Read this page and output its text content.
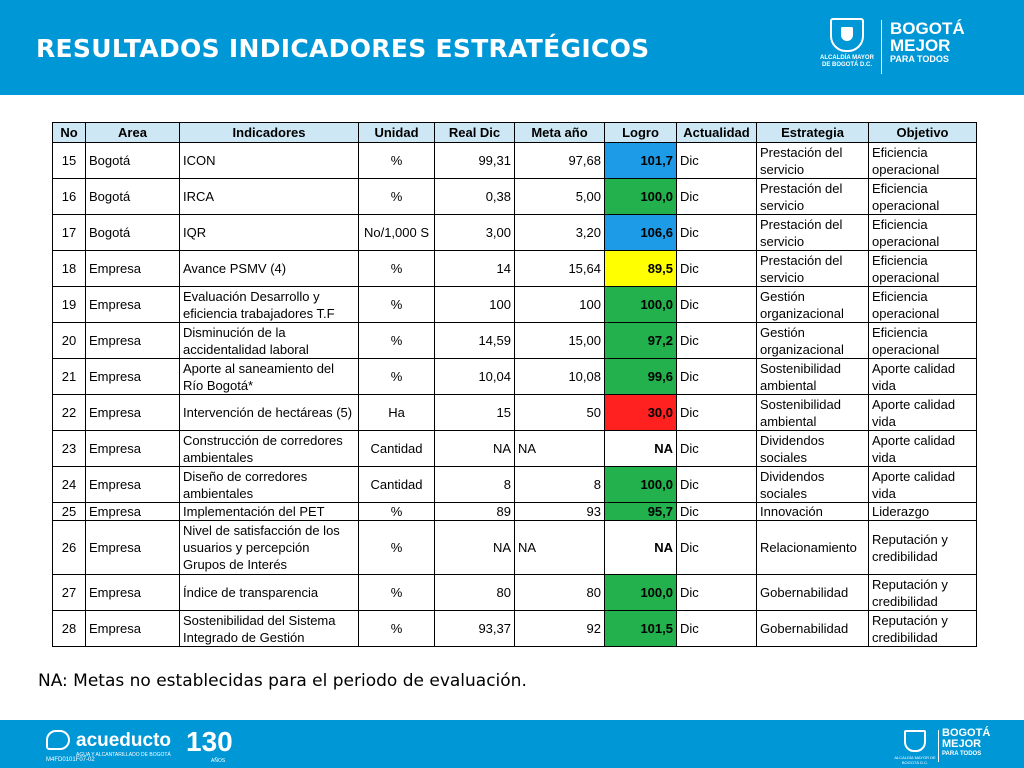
RESULTADOS INDICADORES ESTRATÉGICOS	ALCALDÍA MAYOR
DE BOGOTÁ D.C.
BOGOTÁ
MEJOR
PARA TODOS
No	Area	Indicadores	Unidad	Real Dic	Meta año	Logro	Actualidad	Estrategia	Objetivo
15	Bogotá	ICON	%	99,31	97,68	101,7	Dic	Prestación del servicio	Eficiencia operacional
16	Bogotá	IRCA	%	0,38	5,00	100,0	Dic	Prestación del servicio	Eficiencia operacional
17	Bogotá	IQR	No/1,000 S	3,00	3,20	106,6	Dic	Prestación del servicio	Eficiencia operacional
18	Empresa	Avance PSMV (4)	%	14	15,64	89,5	Dic	Prestación del servicio	Eficiencia operacional
19	Empresa	Evaluación Desarrollo y eficiencia trabajadores T.F	%	100	100	100,0	Dic	Gestión organizacional	Eficiencia operacional
20	Empresa	Disminución de la accidentalidad laboral	%	14,59	15,00	97,2	Dic	Gestión organizacional	Eficiencia operacional
21	Empresa	Aporte al saneamiento del Río Bogotá*	%	10,04	10,08	99,6	Dic	Sostenibilidad ambiental	Aporte calidad vida
22	Empresa	Intervención de hectáreas (5)	Ha	15	50	30,0	Dic	Sostenibilidad ambiental	Aporte calidad vida
23	Empresa	Construcción de corredores ambientales	Cantidad	NA	NA	NA	Dic	Dividendos sociales	Aporte calidad vida
24	Empresa	Diseño de corredores ambientales	Cantidad	8	8	100,0	Dic	Dividendos sociales	Aporte calidad vida
25	Empresa	Implementación del PET	%	89	93	95,7	Dic	Innovación	Liderazgo
26	Empresa	Nivel de satisfacción de los usuarios y percepción Grupos de Interés	%	NA	NA	NA	Dic	Relacionamiento	Reputación y credibilidad
27	Empresa	Índice de transparencia	%	80	80	100,0	Dic	Gobernabilidad	Reputación y credibilidad
28	Empresa	Sostenibilidad del Sistema Integrado de Gestión	%	93,37	92	101,5	Dic	Gobernabilidad	Reputación y credibilidad
NA: Metas no establecidas para el periodo de evaluación.
acueducto
AGUA Y ALCANTARILLADO DE BOGOTÁ
M4FD0101F07-02
130
AÑOS
ALCALDÍA MAYOR DE BOGOTÁ D.C.
BOGOTÁ
MEJOR
PARA TODOS
